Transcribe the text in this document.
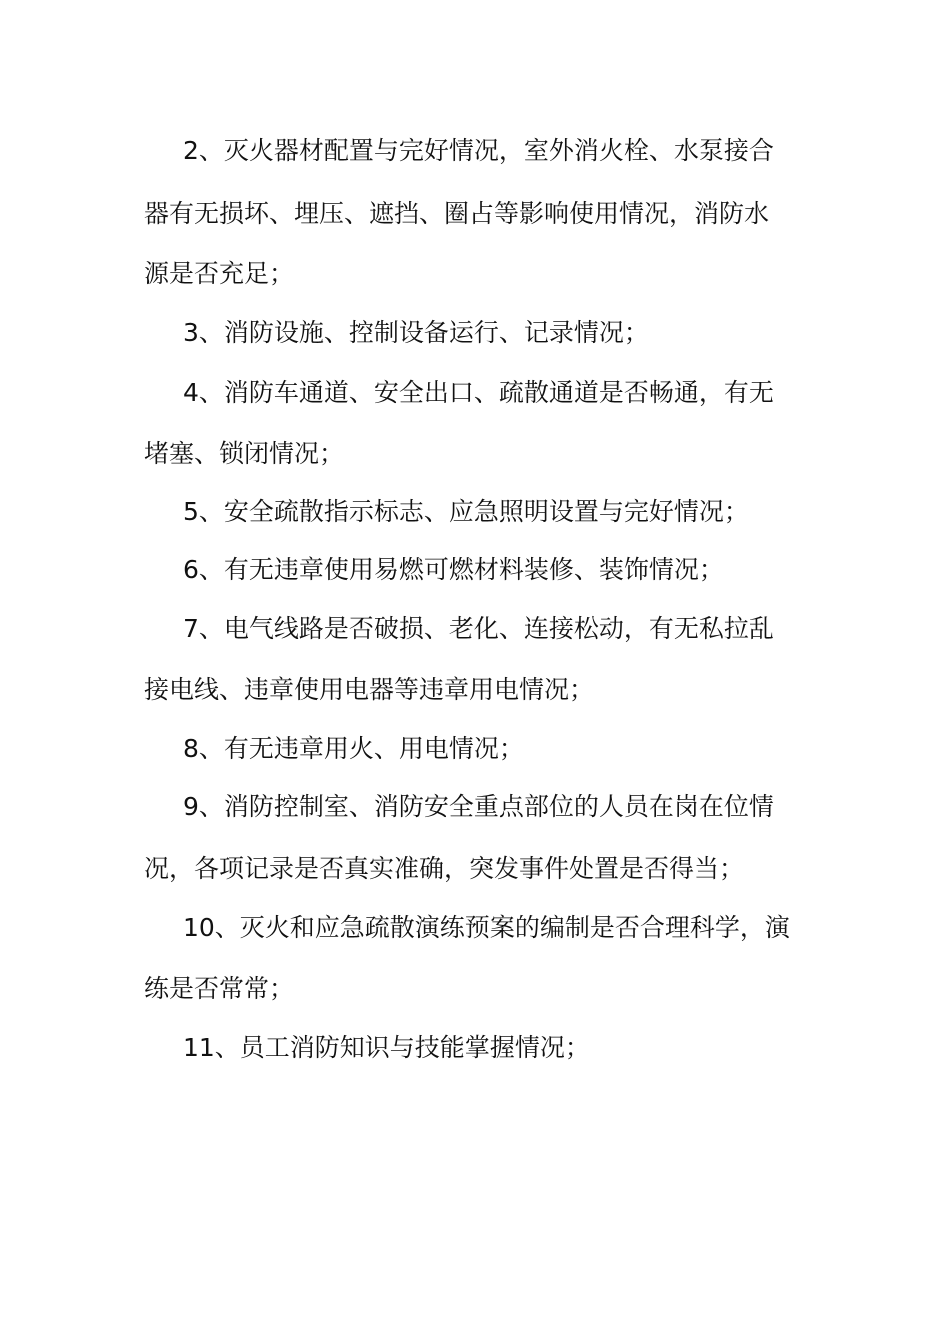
2、灭火器材配置与完好情况，室外消火栓、水泵接合

器有无损坏、埋压、遮挡、圈占等影响使用情况，消防水

源是否充足；

3、消防设施、控制设备运行、记录情况；

4、消防车通道、安全出口、疏散通道是否畅通，有无

堵塞、锁闭情况；

5、安全疏散指示标志、应急照明设置与完好情况；

6、有无违章使用易燃可燃材料装修、装饰情况；

7、电气线路是否破损、老化、连接松动，有无私拉乱

接电线、违章使用电器等违章用电情况；

8、有无违章用火、用电情况；

9、消防控制室、消防安全重点部位的人员在岗在位情

况，各项记录是否真实准确，突发事件处置是否得当；

10、灭火和应急疏散演练预案的编制是否合理科学，演

练是否常常；

11、员工消防知识与技能掌握情况；
